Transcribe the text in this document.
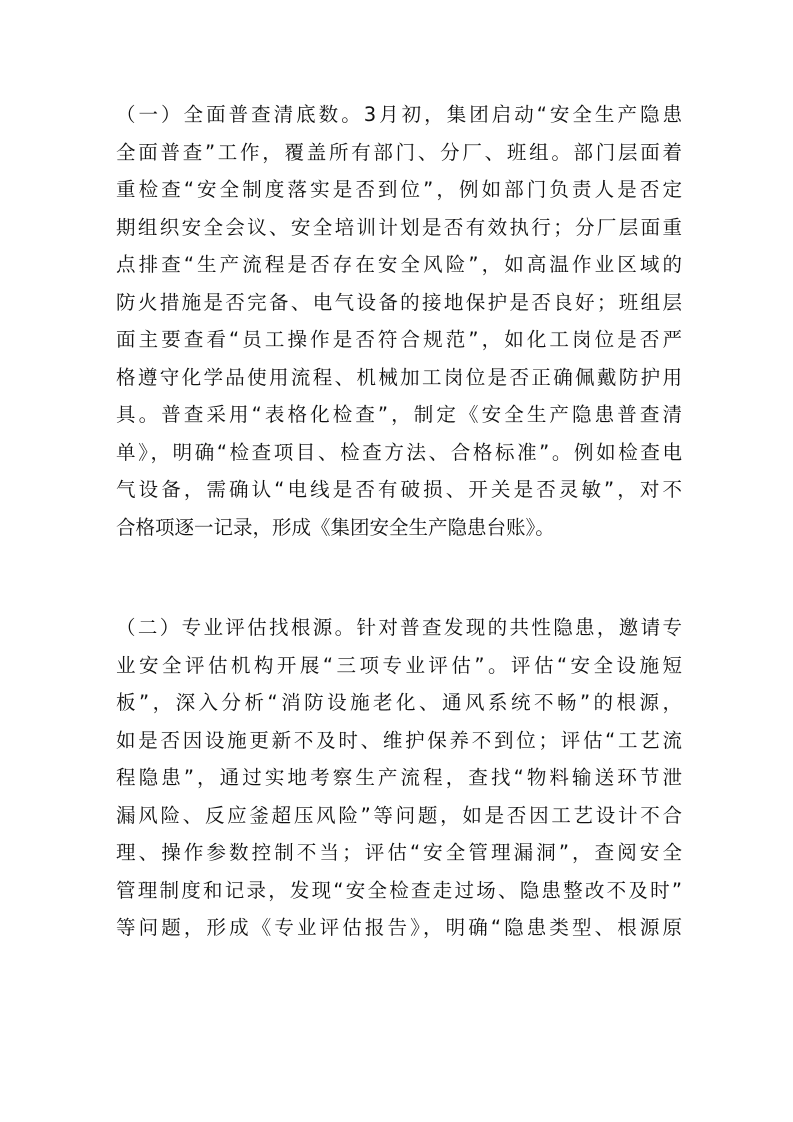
（一）全面普查清底数。3月初，集团启动“安全生产隐患
全面普查”工作，覆盖所有部门、分厂、班组。部门层面着
重检查“安全制度落实是否到位”，例如部门负责人是否定
期组织安全会议、安全培训计划是否有效执行；分厂层面重
点排查“生产流程是否存在安全风险”，如高温作业区域的
防火措施是否完备、电气设备的接地保护是否良好；班组层
面主要查看“员工操作是否符合规范”，如化工岗位是否严
格遵守化学品使用流程、机械加工岗位是否正确佩戴防护用
具。普查采用“表格化检查”，制定《安全生产隐患普查清
单》，明确“检查项目、检查方法、合格标准”。例如检查电
气设备，需确认“电线是否有破损、开关是否灵敏”，对不
合格项逐一记录，形成《集团安全生产隐患台账》。
（二）专业评估找根源。针对普查发现的共性隐患，邀请专
业安全评估机构开展“三项专业评估”。评估“安全设施短
板”，深入分析“消防设施老化、通风系统不畅”的根源，
如是否因设施更新不及时、维护保养不到位；评估“工艺流
程隐患”，通过实地考察生产流程，查找“物料输送环节泄
漏风险、反应釜超压风险”等问题，如是否因工艺设计不合
理、操作参数控制不当；评估“安全管理漏洞”，查阅安全
管理制度和记录，发现“安全检查走过场、隐患整改不及时”
等问题，形成《专业评估报告》，明确“隐患类型、根源原
